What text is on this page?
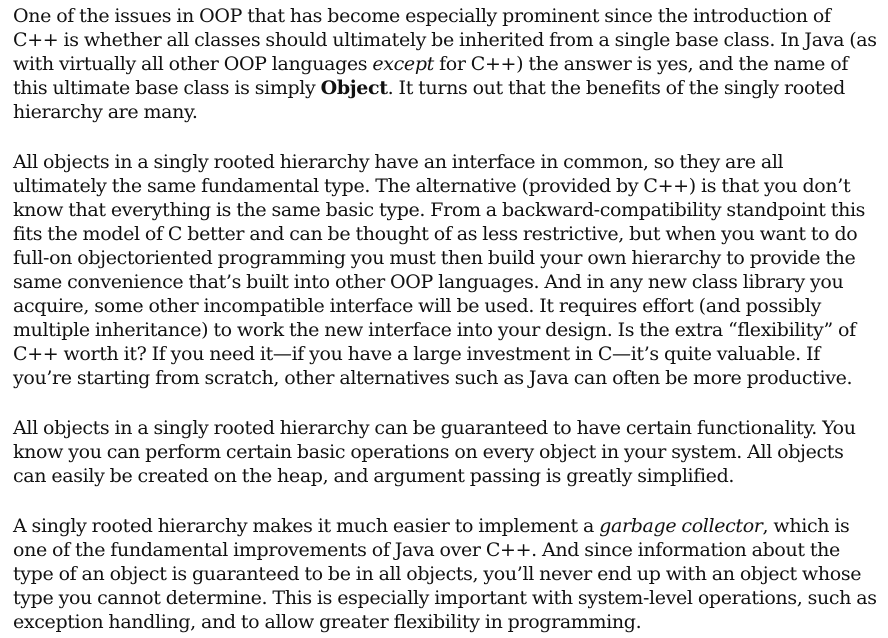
One of the issues in OOP that has become especially prominent since the introduction of C++ is whether all classes should ultimately be inherited from a single base class. In Java (as with virtually all other OOP languages except for C++) the answer is yes, and the name of this ultimate base class is simply Object. It turns out that the benefits of the singly rooted hierarchy are many.

All objects in a singly rooted hierarchy have an interface in common, so they are all ultimately the same fundamental type. The alternative (provided by C++) is that you don’t know that everything is the same basic type. From a backward-compatibility standpoint this fits the model of C better and can be thought of as less restrictive, but when you want to do full-on objectoriented programming you must then build your own hierarchy to provide the same convenience that’s built into other OOP languages. And in any new class library you acquire, some other incompatible interface will be used. It requires effort (and possibly multiple inheritance) to work the new interface into your design. Is the extra “flexibility” of C++ worth it? If you need it—if you have a large investment in C—it’s quite valuable. If you’re starting from scratch, other alternatives such as Java can often be more productive.

All objects in a singly rooted hierarchy can be guaranteed to have certain functionality. You know you can perform certain basic operations on every object in your system. All objects can easily be created on the heap, and argument passing is greatly simplified.

A singly rooted hierarchy makes it much easier to implement a garbage collector, which is one of the fundamental improvements of Java over C++. And since information about the type of an object is guaranteed to be in all objects, you’ll never end up with an object whose type you cannot determine. This is especially important with system-level operations, such as exception handling, and to allow greater flexibility in programming.
